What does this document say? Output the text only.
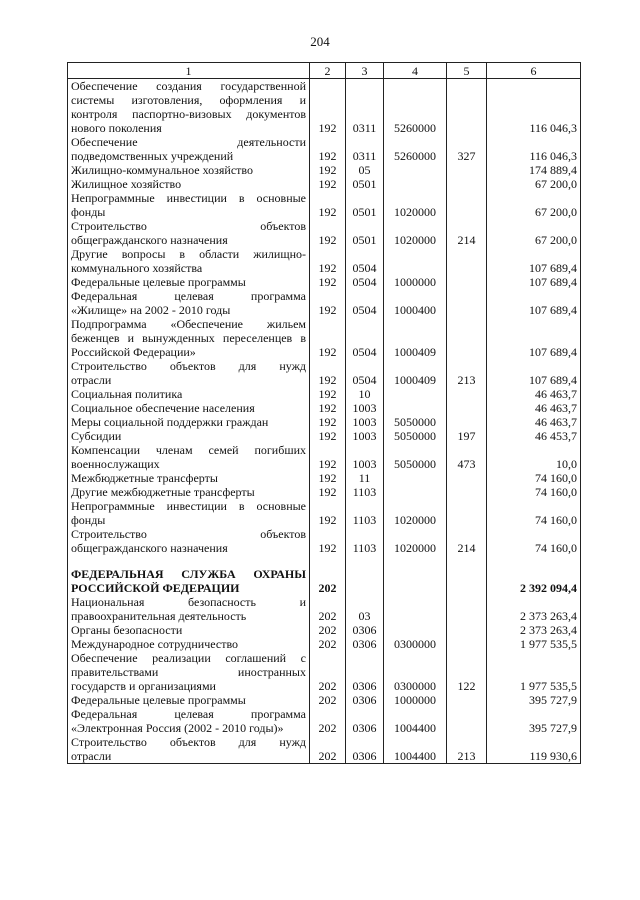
204
1	2	3	4	5	6

Обеспечение создания государственной
системы изготовления, оформления и
контроля паспортно-визовых документов
нового поколения	192	0311	5260000		116 046,3

Обеспечение деятельности
подведомственных учреждений	192	0311	5260000	327	116 046,3

Жилищно-коммунальное хозяйство	192	05			174 889,4

Жилищное хозяйство	192	0501			67 200,0

Непрограммные инвестиции в основные
фонды	192	0501	1020000		67 200,0

Строительство объектов
общегражданского назначения	192	0501	1020000	214	67 200,0

Другие вопросы в области жилищно-
коммунального хозяйства	192	0504			107 689,4

Федеральные целевые программы	192	0504	1000000		107 689,4

Федеральная целевая программа
«Жилище» на 2002 - 2010 годы	192	0504	1000400		107 689,4

Подпрограмма «Обеспечение жильем
беженцев и вынужденных переселенцев в
Российской Федерации»	192	0504	1000409		107 689,4

Строительство объектов для нужд
отрасли	192	0504	1000409	213	107 689,4

Социальная политика	192	10			46 463,7

Социальное обеспечение населения	192	1003			46 463,7

Меры социальной поддержки граждан	192	1003	5050000		46 463,7

Субсидии	192	1003	5050000	197	46 453,7

Компенсации членам семей погибших
военнослужащих	192	1003	5050000	473	10,0

Межбюджетные трансферты	192	11			74 160,0

Другие межбюджетные трансферты	192	1103			74 160,0

Непрограммные инвестиции в основные
фонды	192	1103	1020000		74 160,0

Строительство объектов
общегражданского назначения	192	1103	1020000	214	74 160,0

ФЕДЕРАЛЬНАЯ СЛУЖБА ОХРАНЫ
РОССИЙСКОЙ ФЕДЕРАЦИИ	202				2 392 094,4

Национальная безопасность и
правоохранительная деятельность	202	03			2 373 263,4

Органы безопасности	202	0306			2 373 263,4

Международное сотрудничество	202	0306	0300000		1 977 535,5

Обеспечение реализации соглашений с
правительствами иностранных
государств и организациями	202	0306	0300000	122	1 977 535,5

Федеральные целевые программы	202	0306	1000000		395 727,9

Федеральная целевая программа
«Электронная Россия (2002 - 2010 годы)»	202	0306	1004400		395 727,9

Строительство объектов для нужд
отрасли	202	0306	1004400	213	119 930,6
